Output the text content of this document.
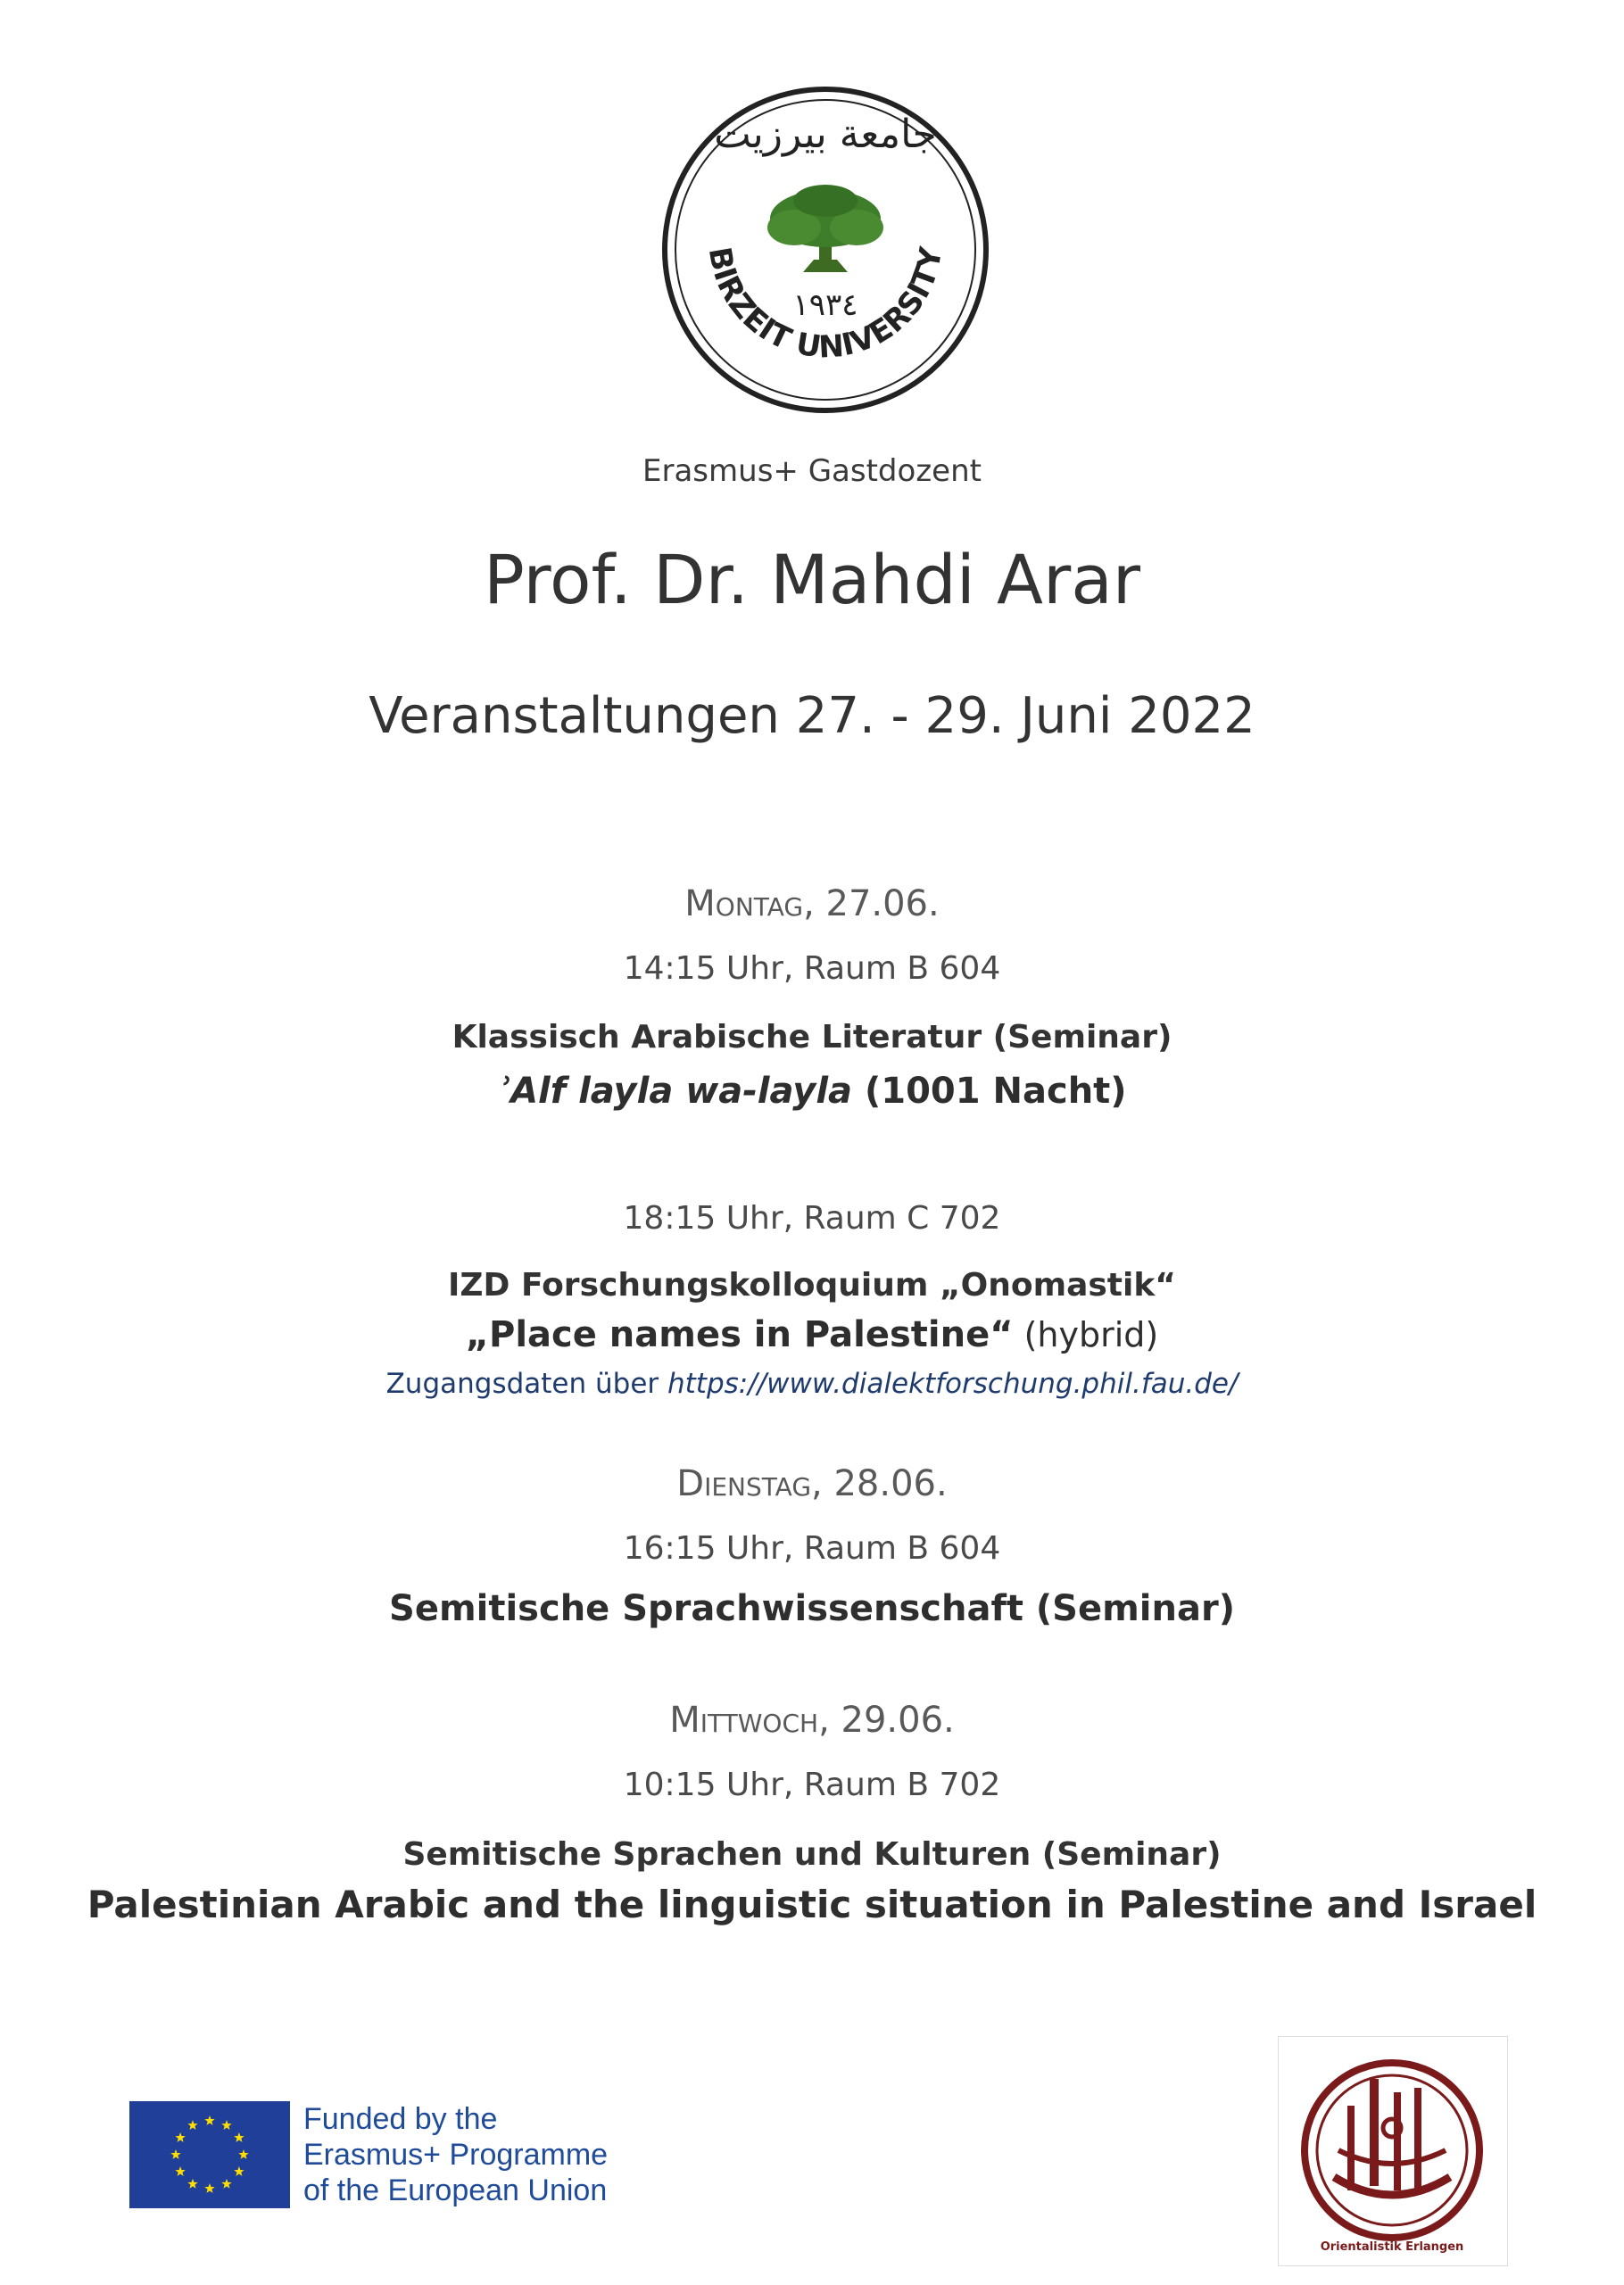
جامعة بيرزيت
BIRZEIT UNIVERSITY
١٩٣٤
Erasmus+ Gastdozent
Prof. Dr. Mahdi Arar
Veranstaltungen 27. - 29. Juni 2022
Montag, 27.06.
14:15 Uhr, Raum B 604
Klassisch Arabische Literatur (Seminar)
ʾAlf layla wa-layla (1001 Nacht)
18:15 Uhr, Raum C 702
IZD Forschungskolloquium „Onomastik“
„Place names in Palestine“ (hybrid)
Zugangsdaten über https://www.dialektforschung.phil.fau.de/
Dienstag, 28.06.
16:15 Uhr, Raum B 604
Semitische Sprachwissenschaft (Seminar)
Mittwoch, 29.06.
10:15 Uhr, Raum B 702
Semitische Sprachen und Kulturen (Seminar)
Palestinian Arabic and the linguistic situation in Palestine and Israel
Funded by the
Erasmus+ Programme
of the European Union
Orientalistik Erlangen
